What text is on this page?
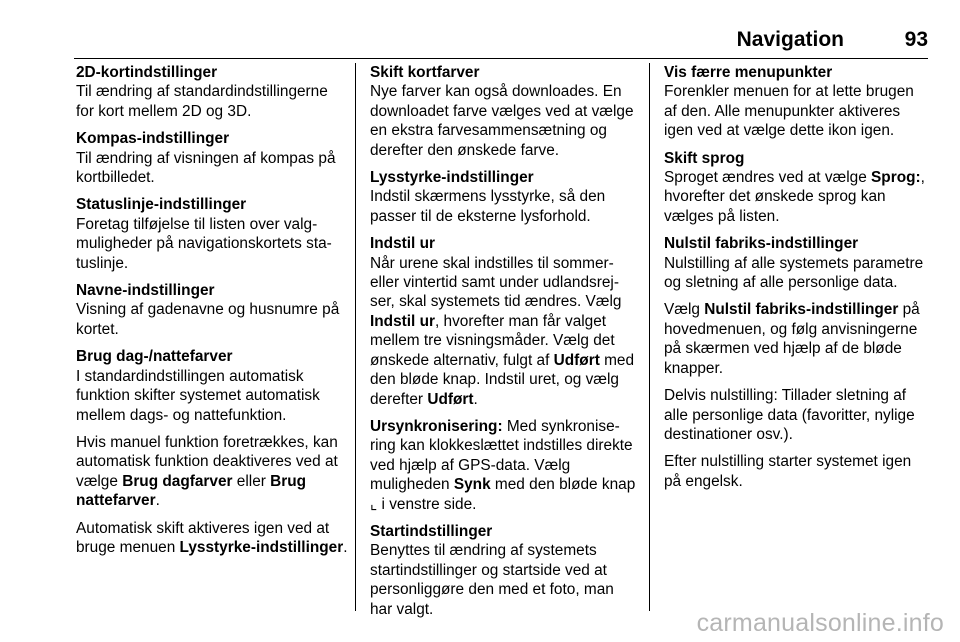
Navigation	93
2D-kortindstillinger
Til ændring af standardindstillingerne for kort mellem 2D og 3D.
Kompas-indstillinger
Til ændring af visningen af kompas på kortbilledet.
Statuslinje-indstillinger
Foretag tilføjelse til listen over valgmuligheder på navigationskortets statuslinje.
Navne-indstillinger
Visning af gadenavne og husnumre på kortet.
Brug dag-/nattefarver

I standardindstillingen automatisk funktion skifter systemet automatisk mellem dags- og nattefunktion.

Hvis manuel funktion foretrækkes, kan automatisk funktion deaktiveres ved at vælge Brug dagfarver eller Brug nattefarver.

Automatisk skift aktiveres igen ved at bruge menuen Lysstyrke-indstillinger.

Skift kortfarver
Nye farver kan også downloades. En downloadet farve vælges ved at vælge en ekstra farvesammensætning og derefter den ønskede farve.
Lysstyrke-indstillinger
Indstil skærmens lysstyrke, så den passer til de eksterne lysforhold.
Indstil ur

Når urene skal indstilles til sommer- eller vintertid samt under udlandsrejser, skal systemets tid ændres. Vælg Indstil ur, hvorefter man får valget mellem tre visningsmåder. Vælg det ønskede alternativ, fulgt af Udført med den bløde knap. Indstil uret, og vælg derefter Udført.

Ursynkronisering: Med synkronisering kan klokkeslættet indstilles direkte ved hjælp af GPS-data. Vælg muligheden Synk med den bløde knap ⌞ i venstre side.

Startindstillinger
Benyttes til ændring af systemets startindstillinger og startside ved at personliggøre den med et foto, man har valgt.
Vis færre menupunkter
Forenkler menuen for at lette brugen af den. Alle menupunkter aktiveres igen ved at vælge dette ikon igen.
Skift sprog
Sproget ændres ved at vælge Sprog:, hvorefter det ønskede sprog kan vælges på listen.
Nulstil fabriks-indstillinger

Nulstilling af alle systemets parametre og sletning af alle personlige data.

Vælg Nulstil fabriks-indstillinger på hovedmenuen, og følg anvisningerne på skærmen ved hjælp af de bløde knapper.

Delvis nulstilling: Tillader sletning af alle personlige data (favoritter, nylige destinationer osv.).

Efter nulstilling starter systemet igen på engelsk.

carmanualsonline.info
